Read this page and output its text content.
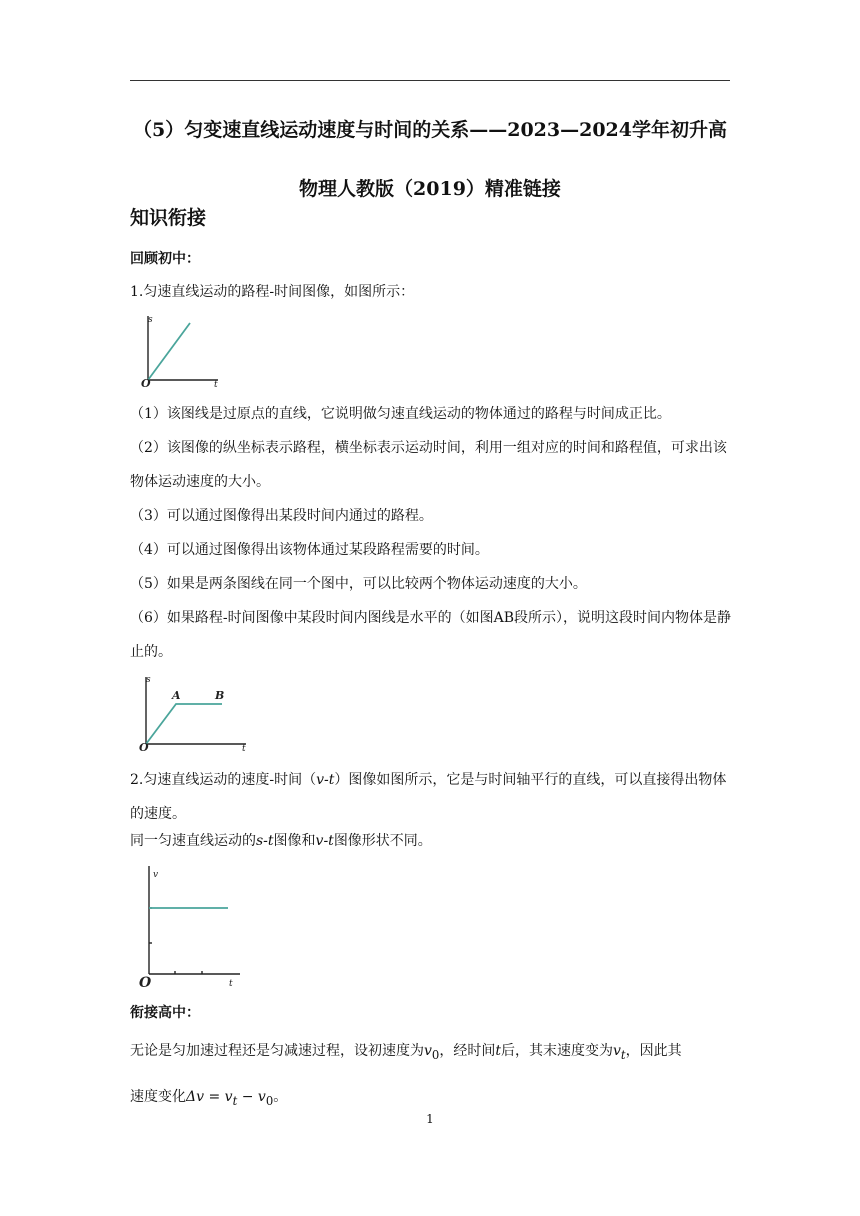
（5）匀变速直线运动速度与时间的关系——2023—2024学年初升高
物理人教版（2019）精准链接
知识衔接
回顾初中：
1.匀速直线运动的路程-时间图像，如图所示：
s
t
O
（1）该图线是过原点的直线，它说明做匀速直线运动的物体通过的路程与时间成正比。
（2）该图像的纵坐标表示路程，横坐标表示运动时间，利用一组对应的时间和路程值，可求出该物体运动速度的大小。
（3）可以通过图像得出某段时间内通过的路程。
（4）可以通过图像得出该物体通过某段路程需要的时间。
（5）如果是两条图线在同一个图中，可以比较两个物体运动速度的大小。
（6）如果路程-时间图像中某段时间内图线是水平的（如图AB段所示），说明这段时间内物体是静止的。
s
t
O
A	B
2.匀速直线运动的速度-时间（v-t）图像如图所示，它是与时间轴平行的直线，可以直接得出物体的速度。
同一匀速直线运动的s-t图像和v-t图像形状不同。
v
t
O
衔接高中：
无论是匀加速过程还是匀减速过程，设初速度为$v_0$，经时间t后，其末速度变为$v_t$，因此其
速度变化$\Delta v = v_t - v_0$。
1
